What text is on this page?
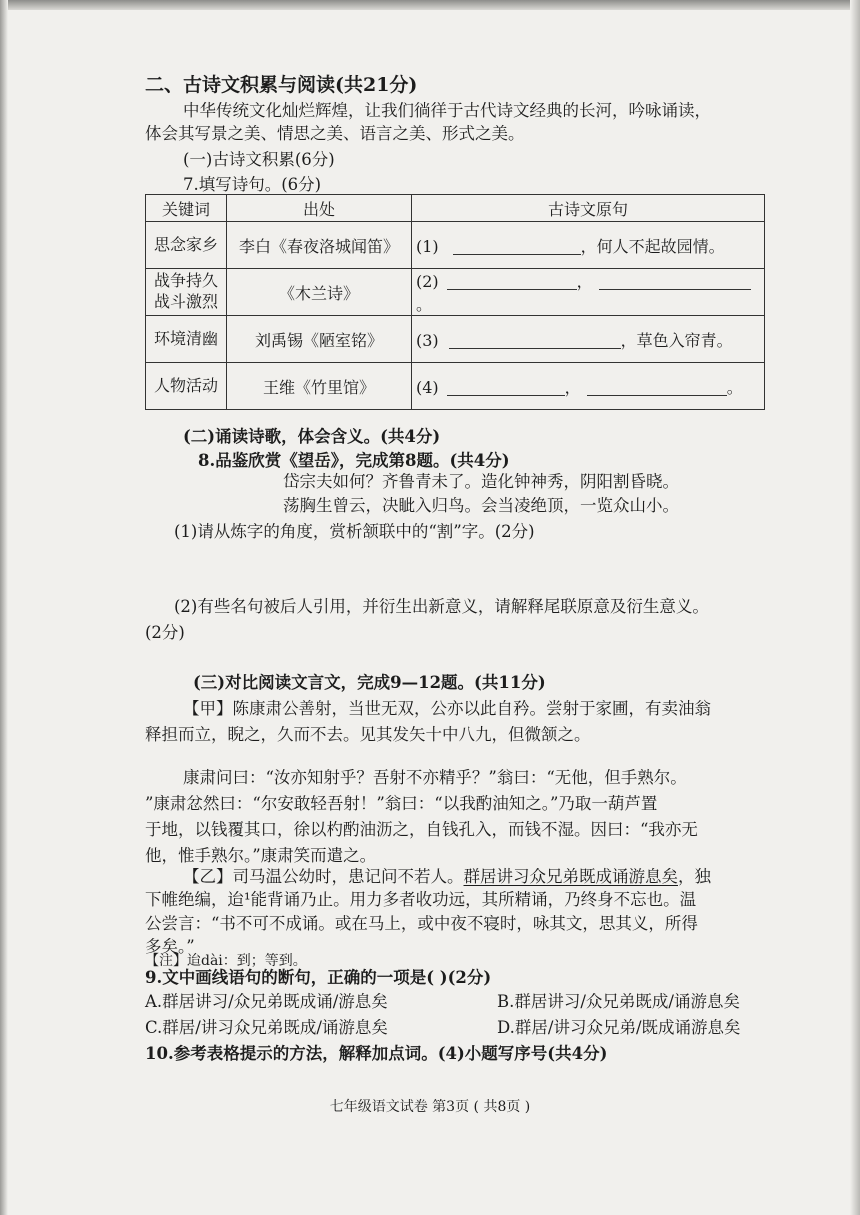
二、古诗文积累与阅读(共21分)
中华传统文化灿烂辉煌，让我们徜徉于古代诗文经典的长河，吟咏诵读，
体会其写景之美、情思之美、语言之美、形式之美。
(一)古诗文积累(6分)
7.填写诗句。(6分)
关键词	出处	古诗文原句
思念家乡	李白《春夜洛城闻笛》	(1) ，何人不起故园情。
战争持久战斗激烈	《木兰诗》	(2) ，。
环境清幽	刘禹锡《陋室铭》	(3) ，草色入帘青。
人物活动	王维《竹里馆》	(4) ， 。
(二)诵读诗歌，体会含义。(共4分)
8.品鉴欣赏《望岳》，完成第8题。(共4分)
岱宗夫如何？齐鲁青未了。造化钟神秀，阴阳割昏晓。
荡胸生曾云，决眦入归鸟。会当凌绝顶，一览众山小。
(1)请从炼字的角度，赏析颔联中的“割”字。(2分)
(2)有些名句被后人引用，并衍生出新意义，请解释尾联原意及衍生意义。
(2分)
(三)对比阅读文言文，完成9—12题。(共11分)
【甲】陈康肃公善射，当世无双，公亦以此自矜。尝射于家圃，有卖油翁
释担而立，睨之，久而不去。见其发矢十中八九，但微颔之。
康肃问曰：“汝亦知射乎？吾射不亦精乎？”翁曰：“无他，但手熟尔。
”康肃忿然曰：“尔安敢轻吾射！”翁曰：“以我酌油知之。”乃取一葫芦置
于地，以钱覆其口，徐以杓酌油沥之，自钱孔入，而钱不湿。因曰：“我亦无
他，惟手熟尔。”康肃笑而遣之。
【乙】司马温公幼时，患记问不若人。群居讲习众兄弟既成诵游息矣，独
下帷绝编，迨¹能背诵乃止。用力多者收功远，其所精诵，乃终身不忘也。温
公尝言：“书不可不成诵。或在马上，或中夜不寝时，咏其文，思其义，所得
多矣。”
【注】迨dài：到；等到。
9.文中画线语句的断句，正确的一项是( )(2分)
A.群居讲习/众兄弟既成诵/游息矣	B.群居讲习/众兄弟既成/诵游息矣
C.群居/讲习众兄弟既成/诵游息矣	D.群居/讲习众兄弟/既成诵游息矣
10.参考表格提示的方法，解释加点词。(4)小题写序号(共4分)
七年级语文试卷 第3页 ( 共8页 )
